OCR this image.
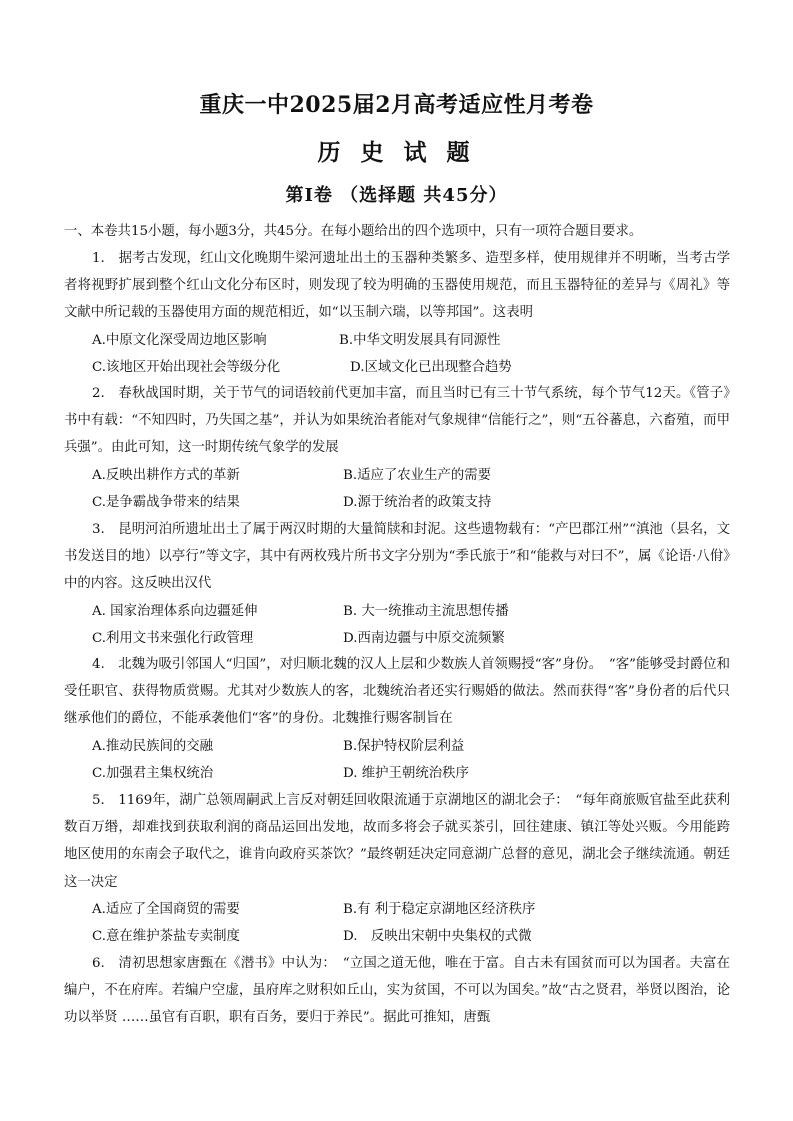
重庆一中2025届2月高考适应性月考卷
历 史 试 题
第Ⅰ卷 （选择题 共45分）
一、本卷共15小题，每小题3分，共45分。在每小题给出的四个选项中，只有一项符合题目要求。

1.　据考古发现，红山文化晚期牛梁河遗址出土的玉器种类繁多、造型多样，使用规律并不明晰，当考古学者将视野扩展到整个红山文化分布区时，则发现了较为明确的玉器使用规范，而且玉器特征的差异与《周礼》等文献中所记载的玉器使用方面的规范相近，如“以玉制六瑞，以等邦国”。这表明

A.中原文化深受周边地区影响	B.中华文明发展具有同源性
C.该地区开始出现社会等级分化	D.区域文化已出现整合趋势

2.　春秋战国时期，关于节气的词语较前代更加丰富，而且当时已有三十节气系统，每个节气12天。《管子》书中有载：“不知四时，乃失国之基”，并认为如果统治者能对气象规律“信能行之”，则“五谷蕃息，六畜殖，而甲兵强”。由此可知，这一时期传统气象学的发展

A.反映出耕作方式的革新	B.适应了农业生产的需要
C.是争霸战争带来的结果	D.源于统治者的政策支持

3.　昆明河泊所遗址出土了属于两汉时期的大量简牍和封泥。这些遗物载有：“产巴郡江州”“滇池（县名，文书发送目的地）以亭行”等文字，其中有两枚残片所书文字分别为“季氏旅于”和“能救与对曰不”，属《论语·八佾》中的内容。这反映出汉代

A. 国家治理体系向边疆延伸	B. 大一统推动主流思想传播
C.利用文书来强化行政管理	D.西南边疆与中原交流频繁

4.　北魏为吸引邻国人“归国”，对归顺北魏的汉人上层和少数族人首领赐授“客”身份。　“客”能够受封爵位和受任职官、获得物质赏赐。尤其对少数族人的客，北魏统治者还实行赐婚的做法。然而获得“客”身份者的后代只继承他们的爵位，不能承袭他们“客”的身份。北魏推行赐客制旨在

A.推动民族间的交融	B.保护特权阶层利益
C.加强君主集权统治	D. 维护王朝统治秩序

5.　1169年，湖广总领周嗣武上言反对朝廷回收限流通于京湖地区的湖北会子：　“每年商旅贩官盐至此获利数百万缗，却难找到获取利润的商品运回出发地，故而多将会子就买茶引，回往建康、镇江等处兴贩。今用能跨地区使用的东南会子取代之，谁肯向政府买茶饮？”最终朝廷决定同意湖广总督的意见，湖北会子继续流通。朝廷这一决定

A.适应了全国商贸的需要	B.有 利于稳定京湖地区经济秩序
C.意在维护茶盐专卖制度	D.　反映出宋朝中央集权的式微

6.　清初思想家唐甄在《潜书》中认为：　“立国之道无他，唯在于富。自古未有国贫而可以为国者。夫富在编户，不在府库。若编户空虚，虽府库之财积如丘山，实为贫国，不可以为国矣。”故“古之贤君，举贤以图治，论功以举贤 ……虽官有百职，职有百务，要归于养民”。据此可推知，唐甄
